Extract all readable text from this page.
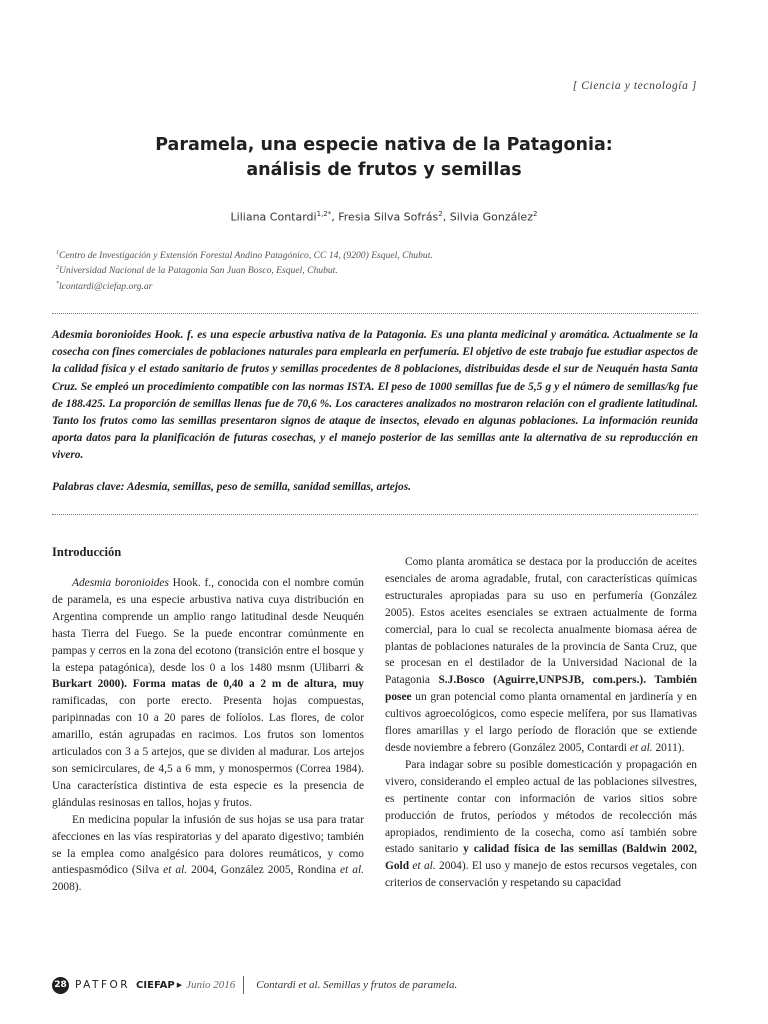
[ Ciencia y tecnología ]
Paramela, una especie nativa de la Patagonia:
análisis de frutos y semillas
Liliana Contardi$^{1,2*}$, Fresia Silva Sofrás$^2$, Silvia González$^2$
$^1$Centro de Investigación y Extensión Forestal Andino Patagónico, CC 14, (9200) Esquel, Chubut.
$^2$Universidad Nacional de la Patagonia San Juan Bosco, Esquel, Chubut.
*lcontardi@ciefap.org.ar
Adesmia boronioides Hook. f. es una especie arbustiva nativa de la Patagonia. Es una planta medicinal y aromática. Actualmente se la cosecha con fines comerciales de poblaciones naturales para emplearla en perfumería. El objetivo de este trabajo fue estudiar aspectos de la calidad física y el estado sanitario de frutos y semillas procedentes de 8 poblaciones, distribuidas desde el sur de Neuquén hasta Santa Cruz. Se empleó un procedimiento compatible con las normas ISTA. El peso de 1000 semillas fue de 5,5 g y el número de semillas/kg fue de 188.425. La proporción de semillas llenas fue de 70,6 %. Los caracteres analizados no mostraron relación con el gradiente latitudinal. Tanto los frutos como las semillas presentaron signos de ataque de insectos, elevado en algunas poblaciones. La información reunida aporta datos para la planificación de futuras cosechas, y el manejo posterior de las semillas ante la alternativa de su reproducción en vivero.
Palabras clave: Adesmia, semillas, peso de semilla, sanidad semillas, artejos.
Introducción

Adesmia boronioides Hook. f., conocida con el nombre común de paramela, es una especie arbustiva nativa cuya distribución en Argentina comprende un amplio rango latitudinal desde Neuquén hasta Tierra del Fuego. Se la puede encontrar comúnmente en pampas y cerros en la zona del ecotono (transición entre el bosque y la estepa patagónica), desde los 0 a los 1480 msnm (Ulibarri & Burkart 2000). Forma matas de 0,40 a 2 m de altura, muy ramificadas, con porte erecto. Presenta hojas compuestas, paripinnadas con 10 a 20 pares de folíolos. Las flores, de color amarillo, están agrupadas en racimos. Los frutos son lomentos articulados con 3 a 5 artejos, que se dividen al madurar. Los artejos son semicirculares, de 4,5 a 6 mm, y monospermos (Correa 1984). Una característica distintiva de esta especie es la presencia de glándulas resinosas en tallos, hojas y frutos.

En medicina popular la infusión de sus hojas se usa para tratar afecciones en las vías respiratorias y del aparato digestivo; también se la emplea como analgésico para dolores reumáticos, y como antiespasmódico (Silva et al. 2004, González 2005, Rondina et al. 2008).

Como planta aromática se destaca por la producción de aceites esenciales de aroma agradable, frutal, con características químicas estructurales apropiadas para su uso en perfumería (González 2005). Estos aceites esenciales se extraen actualmente de forma comercial, para lo cual se recolecta anualmente biomasa aérea de plantas de poblaciones naturales de la provincia de Santa Cruz, que se procesan en el destilador de la Universidad Nacional de la Patagonia S.J.Bosco (Aguirre,UNPSJB, com.pers.). También posee un gran potencial como planta ornamental en jardinería y en cultivos agroecológicos, como especie melífera, por sus llamativas flores amarillas y el largo período de floración que se extiende desde noviembre a febrero (González 2005, Contardi et al. 2011).

Para indagar sobre su posible domesticación y propagación en vivero, considerando el empleo actual de las poblaciones silvestres, es pertinente contar con información de varios sitios sobre producción de frutos, períodos y métodos de recolección más apropiados, rendimiento de la cosecha, como así también sobre estado sanitario y calidad física de las semillas (Baldwin 2002, Gold et al. 2004). El uso y manejo de estos recursos vegetales, con criterios de conservación y respetando su capacidad

28 PATFOR CIEFAP ▶ Junio 2016 Contardi et al. Semillas y frutos de paramela.
